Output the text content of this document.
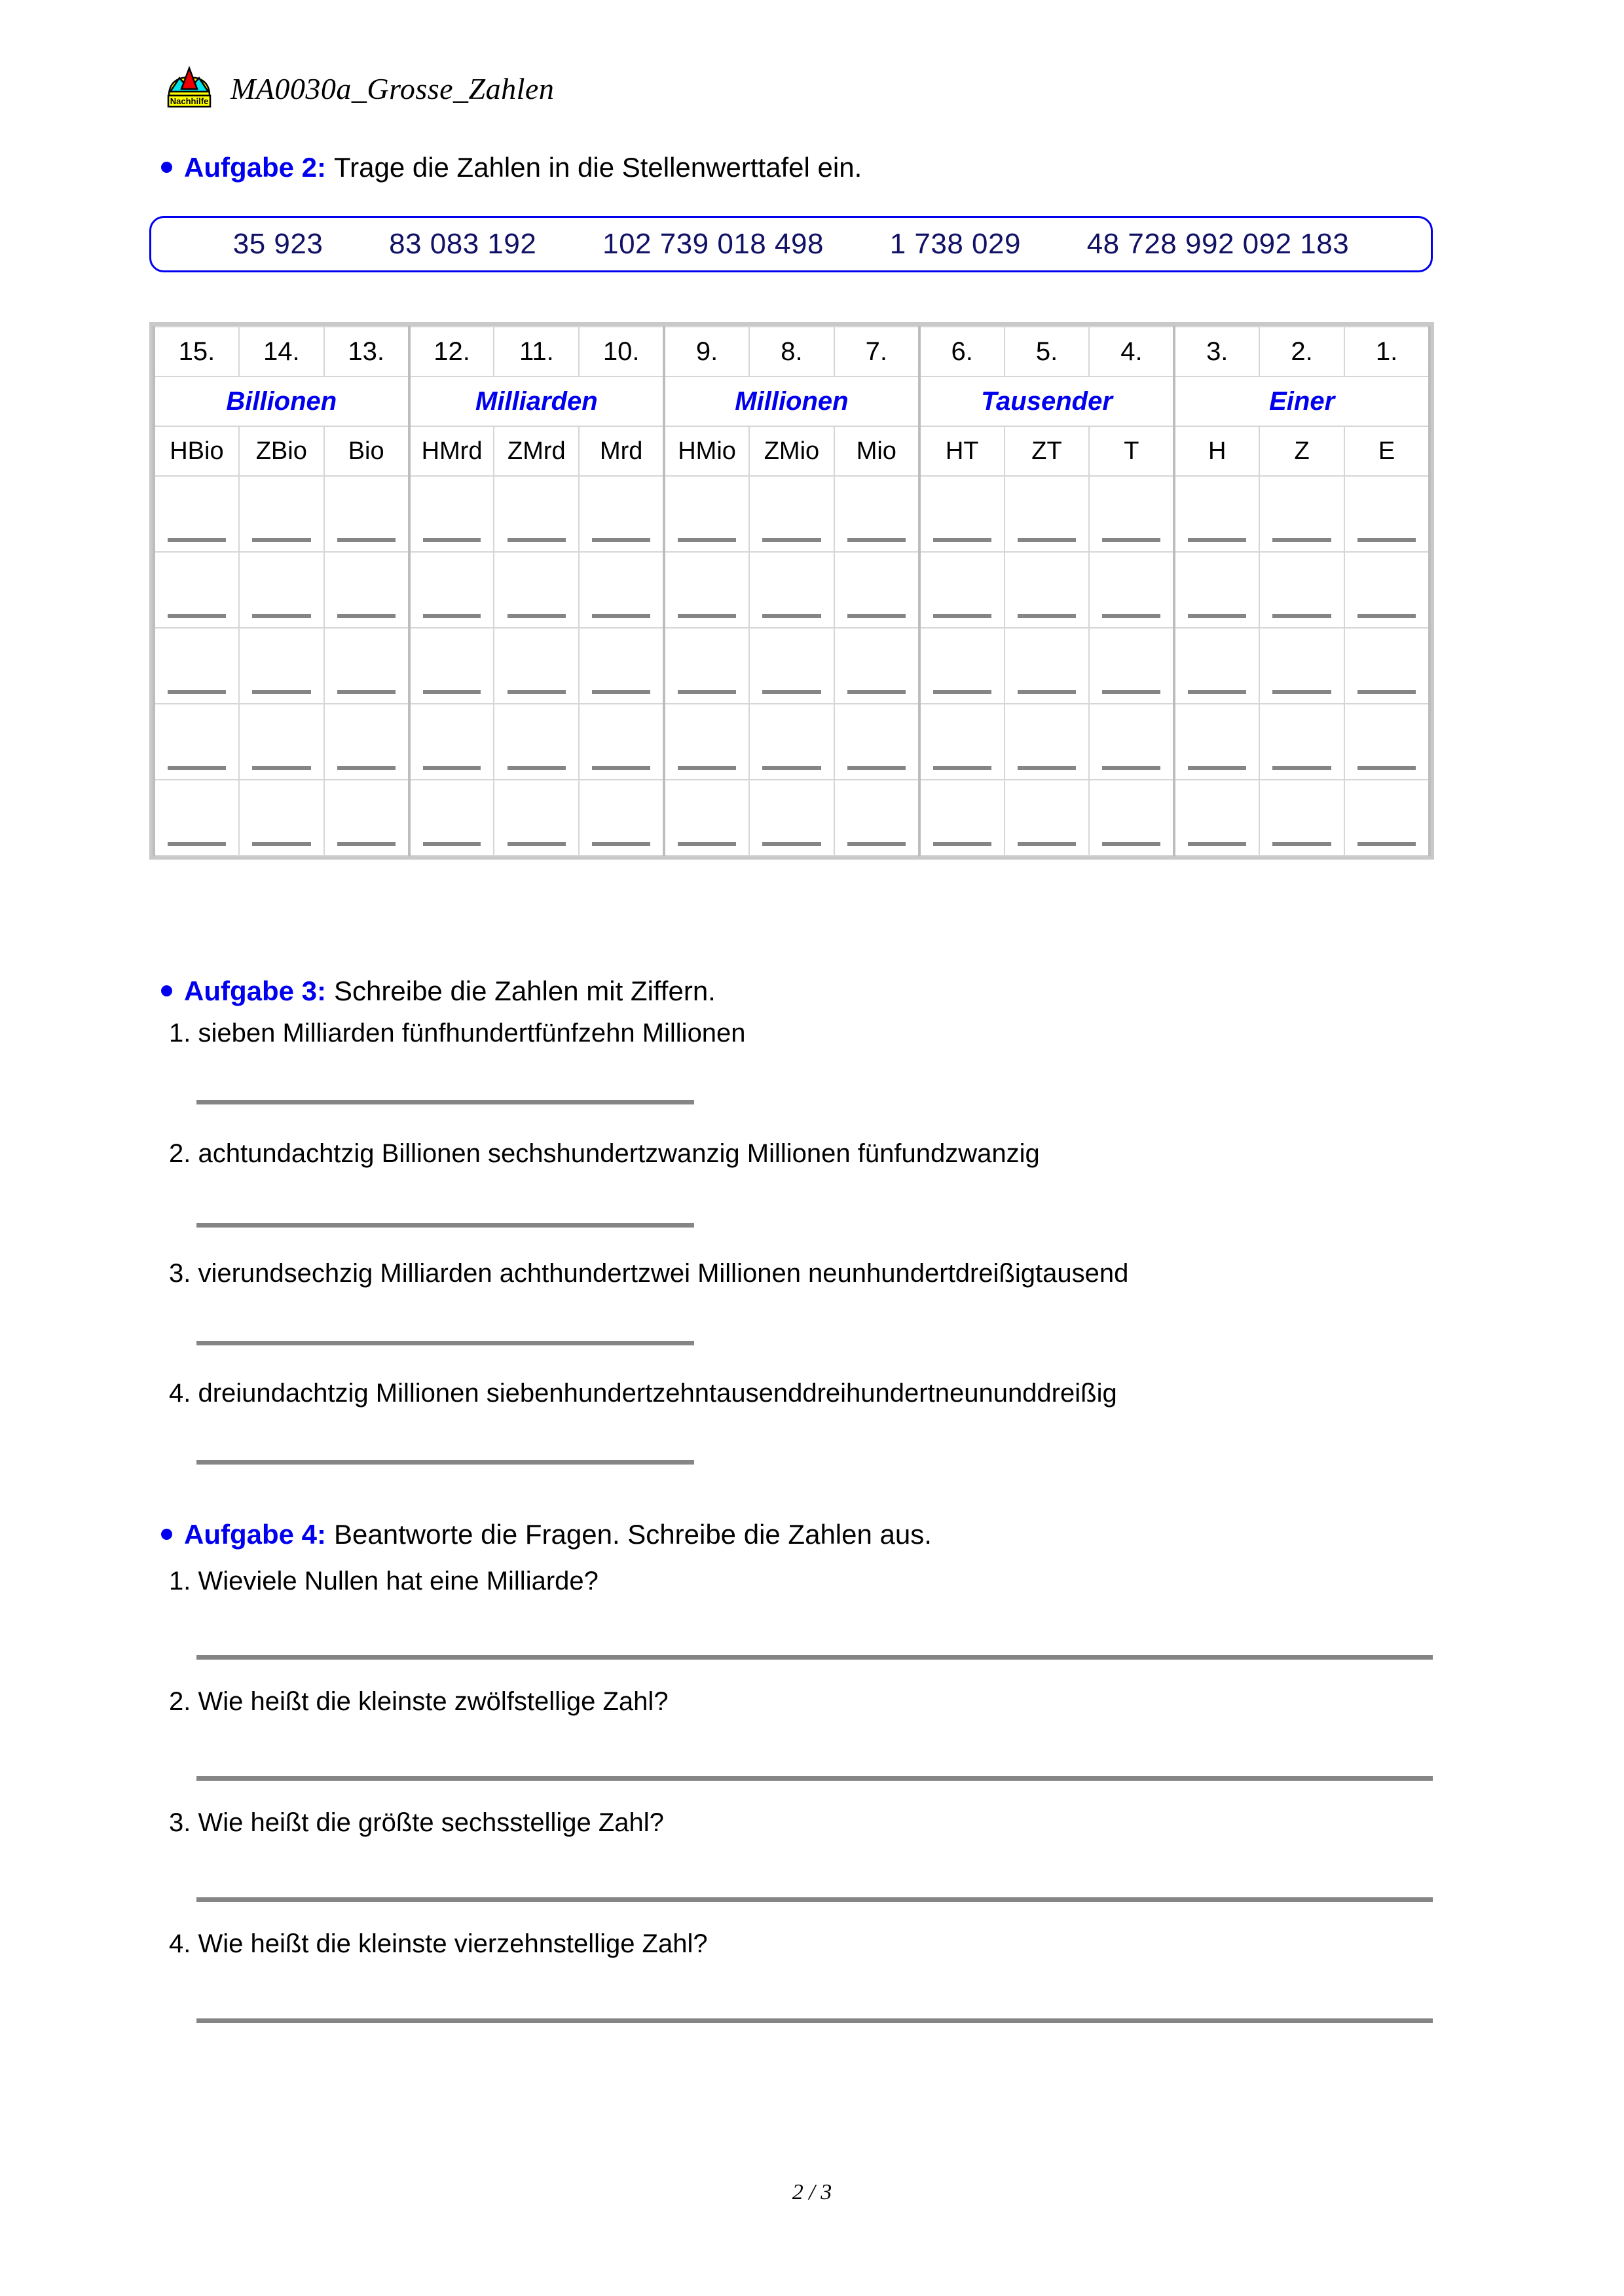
Nachhilfe MA0030a_Grosse_Zahlen
Aufgabe 2: Trage die Zahlen in die Stellenwerttafel ein.
35 923 83 083 192 102 739 018 498 1 738 029 48 728 992 092 183
15.	14.	13.	12.	11.	10.	9.	8.	7.	6.	5.	4.	3.	2.	1.
Billionen			Milliarden			Millionen			Tausender			Einer		
HBio	ZBio	Bio	HMrd	ZMrd	Mrd	HMio	ZMio	Mio	HT	ZT	T	H	Z	E

Aufgabe 3: Schreibe die Zahlen mit Ziffern.
1. sieben Milliarden fünfhundertfünfzehn Millionen
2. achtundachtzig Billionen sechshundertzwanzig Millionen fünfundzwanzig
3. vierundsechzig Milliarden achthundertzwei Millionen neunhundertdreißigtausend
4. dreiundachtzig Millionen siebenhundertzehntausenddreihundertneununddreißig
Aufgabe 4: Beantworte die Fragen. Schreibe die Zahlen aus.
1. Wieviele Nullen hat eine Milliarde?
2. Wie heißt die kleinste zwölfstellige Zahl?
3. Wie heißt die größte sechsstellige Zahl?
4. Wie heißt die kleinste vierzehnstellige Zahl?
2 / 3
